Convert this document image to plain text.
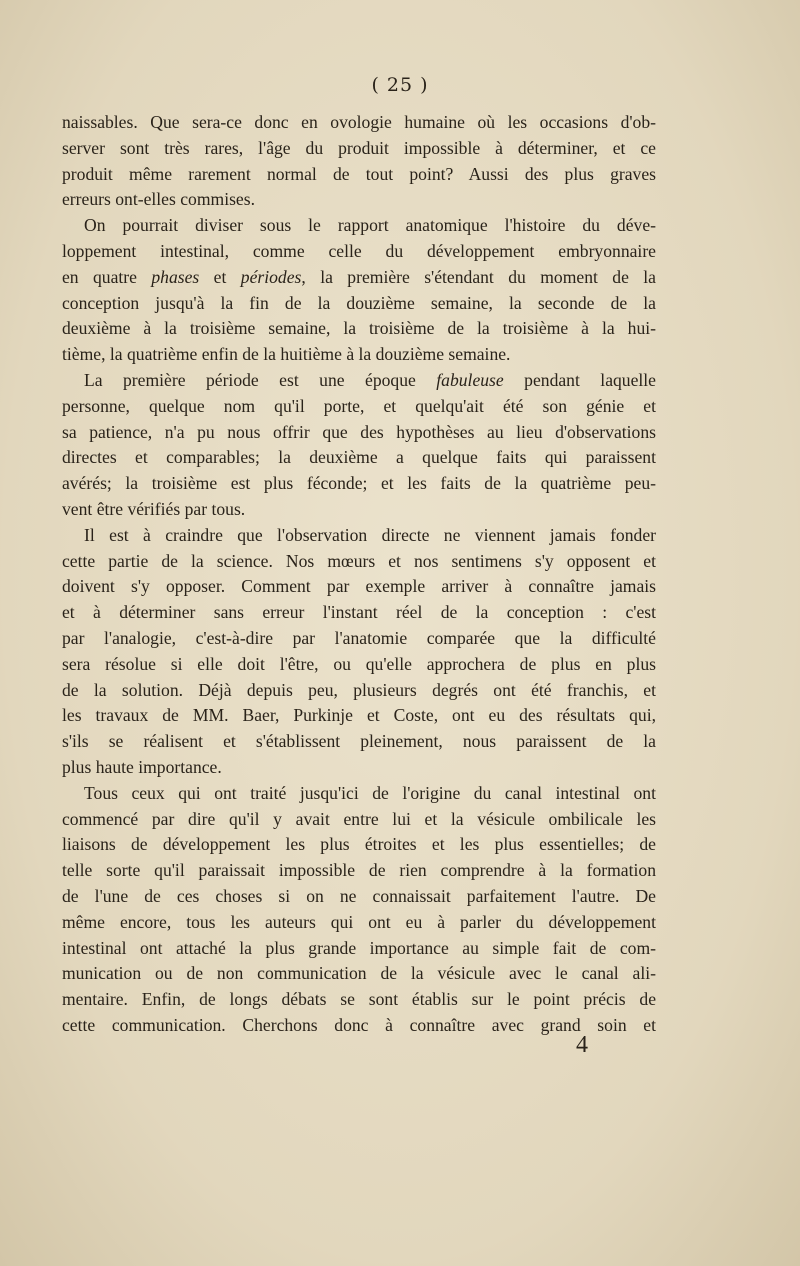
( 25 )
naissables. Que sera-ce donc en ovologie humaine où les occasions d'ob-
server sont très rares, l'âge du produit impossible à déterminer, et ce
produit même rarement normal de tout point? Aussi des plus graves
erreurs ont-elles commises.
On pourrait diviser sous le rapport anatomique l'histoire du déve-
loppement intestinal, comme celle du développement embryonnaire
en quatre phases et périodes, la première s'étendant du moment de la
conception jusqu'à la fin de la douzième semaine, la seconde de la
deuxième à la troisième semaine, la troisième de la troisième à la hui-
tième, la quatrième enfin de la huitième à la douzième semaine.
La première période est une époque fabuleuse pendant laquelle
personne, quelque nom qu'il porte, et quelqu'ait été son génie et
sa patience, n'a pu nous offrir que des hypothèses au lieu d'observations
directes et comparables; la deuxième a quelque faits qui paraissent
avérés; la troisième est plus féconde; et les faits de la quatrième peu-
vent être vérifiés par tous.
Il est à craindre que l'observation directe ne viennent jamais fonder
cette partie de la science. Nos mœurs et nos sentimens s'y opposent et
doivent s'y opposer. Comment par exemple arriver à connaître jamais
et à déterminer sans erreur l'instant réel de la conception : c'est
par l'analogie, c'est-à-dire par l'anatomie comparée que la difficulté
sera résolue si elle doit l'être, ou qu'elle approchera de plus en plus
de la solution. Déjà depuis peu, plusieurs degrés ont été franchis, et
les travaux de MM. Baer, Purkinje et Coste, ont eu des résultats qui,
s'ils se réalisent et s'établissent pleinement, nous paraissent de la
plus haute importance.
Tous ceux qui ont traité jusqu'ici de l'origine du canal intestinal ont
commencé par dire qu'il y avait entre lui et la vésicule ombilicale les
liaisons de développement les plus étroites et les plus essentielles; de
telle sorte qu'il paraissait impossible de rien comprendre à la formation
de l'une de ces choses si on ne connaissait parfaitement l'autre. De
même encore, tous les auteurs qui ont eu à parler du développement
intestinal ont attaché la plus grande importance au simple fait de com-
munication ou de non communication de la vésicule avec le canal ali-
mentaire. Enfin, de longs débats se sont établis sur le point précis de
cette communication. Cherchons donc à connaître avec grand soin et
4
